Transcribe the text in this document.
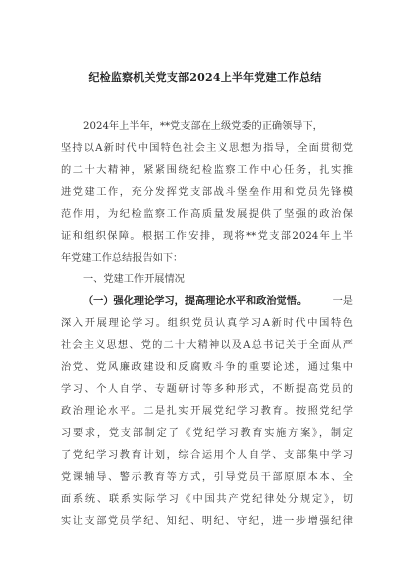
纪检监察机关党支部2024上半年党建工作总结

2024年上半年，**党支部在上级党委的正确领导下，

坚持以A新时代中国特色社会主义思想为指导，全面贯彻党

的二十大精神，紧紧围绕纪检监察工作中心任务，扎实推

进党建工作，充分发挥党支部战斗堡垒作用和党员先锋模

范作用，为纪检监察工作高质量发展提供了坚强的政治保

证和组织保障。根据工作安排，现将**党支部2024年上半

年党建工作总结报告如下：

一、党建工作开展情况

（一）强化理论学习，提高理论水平和政治觉悟。	一是

深入开展理论学习。组织党员认真学习A新时代中国特色

社会主义思想、党的二十大精神以及A总书记关于全面从严

治党、党风廉政建设和反腐败斗争的重要论述，通过集中

学习、个人自学、专题研讨等多种形式，不断提高党员的

政治理论水平。二是扎实开展党纪学习教育。按照党纪学

习要求，党支部制定了《党纪学习教育实施方案》，制定

了党纪学习教育计划，综合运用个人自学、支部集中学习

党课辅导、警示教育等方式，引导党员干部原原本本、全

面系统、联系实际学习《中国共产党纪律处分规定》，切

实让支部党员学纪、知纪、明纪、守纪，进一步增强纪律
